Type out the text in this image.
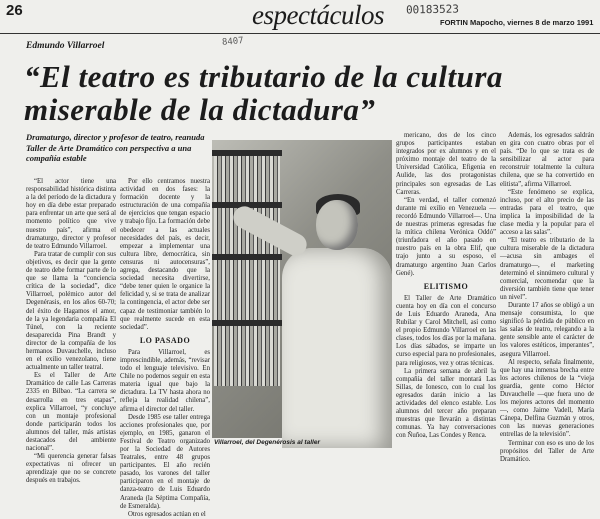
26	espectáculos 00183523
FORTIN Mapocho, viernes 8 de marzo 1991
8407
Edmundo Villarroel
“El teatro es tributario de la cultura miserable de la dictadura”
Dramaturgo, director y profesor de teatro, reanuda Taller de Arte Dramático con perspectiva a una compañía estable

“El actor tiene una responsabilidad histórica distinta a la del período de la dictadura y hoy en día debe estar preparado para enfrentar un arte que será al momento político que vive nuestro país”, afirma el dramaturgo, director y profesor de teatro Edmundo Villarroel.

Para tratar de cumplir con sus objetivos, es decir que la gente de teatro debe formar parte de lo que se llama la “conciencia crítica de la sociedad”, dice Villarroel, polémico autor del Degenérasis, en los años 60-70; del éxito de Hagamos el amor, de la ya legendaria compañía El Túnel, con la reciente desaparecida Pina Brandt y director de la compañía de los hermanos Duvauchelle, incluso en el exilio venezolano, tiene actualmente un taller teatral.

Es el Taller de Arte Dramático de calle Las Carreras 2335 en Bilbao. “La carrera se desarrolla en tres etapas”, explica Villarroel, “y concluye con un montaje profesional donde participarán todos los alumnos del taller, más artistas destacados del ambiente nacional”.

“Mi querencia generar falsas expectativas ni ofrecer un aprendizaje que no se concrete después en trabajos.

Por ello centramos nuestra actividad en dos fases: la formación docente y la estructuración de una compañía de ejercicios que tengan espacio y trabajo fijo. La formación debe obedecer a las actuales necesidades del país, es decir, empezar a implementar una cultura libre, democrática, sin censuras ni autocensuras”, agrega, destacando que la sociedad necesita divertirse, “debe tener quien le organice la felicidad y, si se trata de analizar la contingencia, el actor debe ser capaz de testimoniar también lo que realmente sucede en esta sociedad”.

LO PASADO

Para Villarroel, es imprescindible, además, “revisar todo el lenguaje televisivo. En Chile no podemos seguir en esta materia igual que bajo la dictadura. La TV hasta ahora no refleja la realidad chilena”, afirma el director del taller.

Desde 1985 ese taller entrega acciones profesionales que, por ejemplo, en 1985, ganaron el Festival de Teatro organizado por la Sociedad de Autores Teatrales, entre 48 grupos participantes. El año recién pasado, los varones del taller participaron en el montaje de danza-teatro de Luis Eduardo Araneda (la Séptima Compañía, de Esmeralda).

Otros egresados actúan en el

Villarroel, del Degenérosis al taller

mericano, dos de los cinco grupos participantes estaban integrados por ex alumnos y en el próximo montaje del teatro de la Universidad Católica, Efigenia en Aulide, las dos protagonistas principales son egresadas de Las Carreras.

“En verdad, el taller comenzó durante mi exilio en Venezuela —recordó Edmundo Villarroel—. Una de nuestras primeras egresadas fue la mítica chilena Verónica Oddó” (triunfadora el año pasado en nuestro país en la obra Elif, que trajo junto a su esposo, el dramaturgo argentino Juan Carlos Gené).

ELITISMO

El Taller de Arte Dramático cuenta hoy en día con el concurso de Luis Eduardo Araneda, Ana Rubilar y Carol Mitchell, así como el propio Edmundo Villarroel en las clases, todos los días por la mañana. Los días sábados, se imparte un curso especial para no profesionales, para religiosos, vez y otras técnicas.

La primera semana de abril la compañía del taller montará Las Sillas, de Ionesco, con lo cual los egresados darán inicio a las actividades del elenco estable. Los alumnos del tercer año preparan muestras que llevarán a distintas comunas. Ya hay conversaciones con Ñuñoa, Las Condes y Renca.

Además, los egresados saldrán en gira con cuatro obras por el país. “De lo que se trata es de sensibilizar al actor para reconstruir totalmente la cultura chilena, que se ha convertido en elitista”, afirma Villarroel.

“Este fenómeno se explica, incluso, por el alto precio de las entradas para el teatro, que implica la imposibilidad de la clase media y la popular para el acceso a las salas”.

“El teatro es tributario de la cultura miserable de la dictadura —acusa sin ambages el dramaturgo—, el marketing determinó el sinnúmero cultural y comercial, recomendar que la diversión también tiene que tener un nivel”.

Durante 17 años se obligó a un mensaje consumista, lo que significó la pérdida de público en las salas de teatro, relegando a la gente sensible ante el carácter de los valores estéticos, imperantes”, asegura Villarroel.

Al respecto, señala finalmente, que hay una inmensa brecha entre los actores chilenos de la “vieja guardia, gente como Héctor Duvauchelle —que fuera uno de los mejores actores del momento—, como Jaime Vadell, María Cánepa, Delfina Guzmán y otros, con las nuevas generaciones entrellas de la televisión”.

Terminar con eso es uno de los propósitos del Taller de Arte Dramático.
